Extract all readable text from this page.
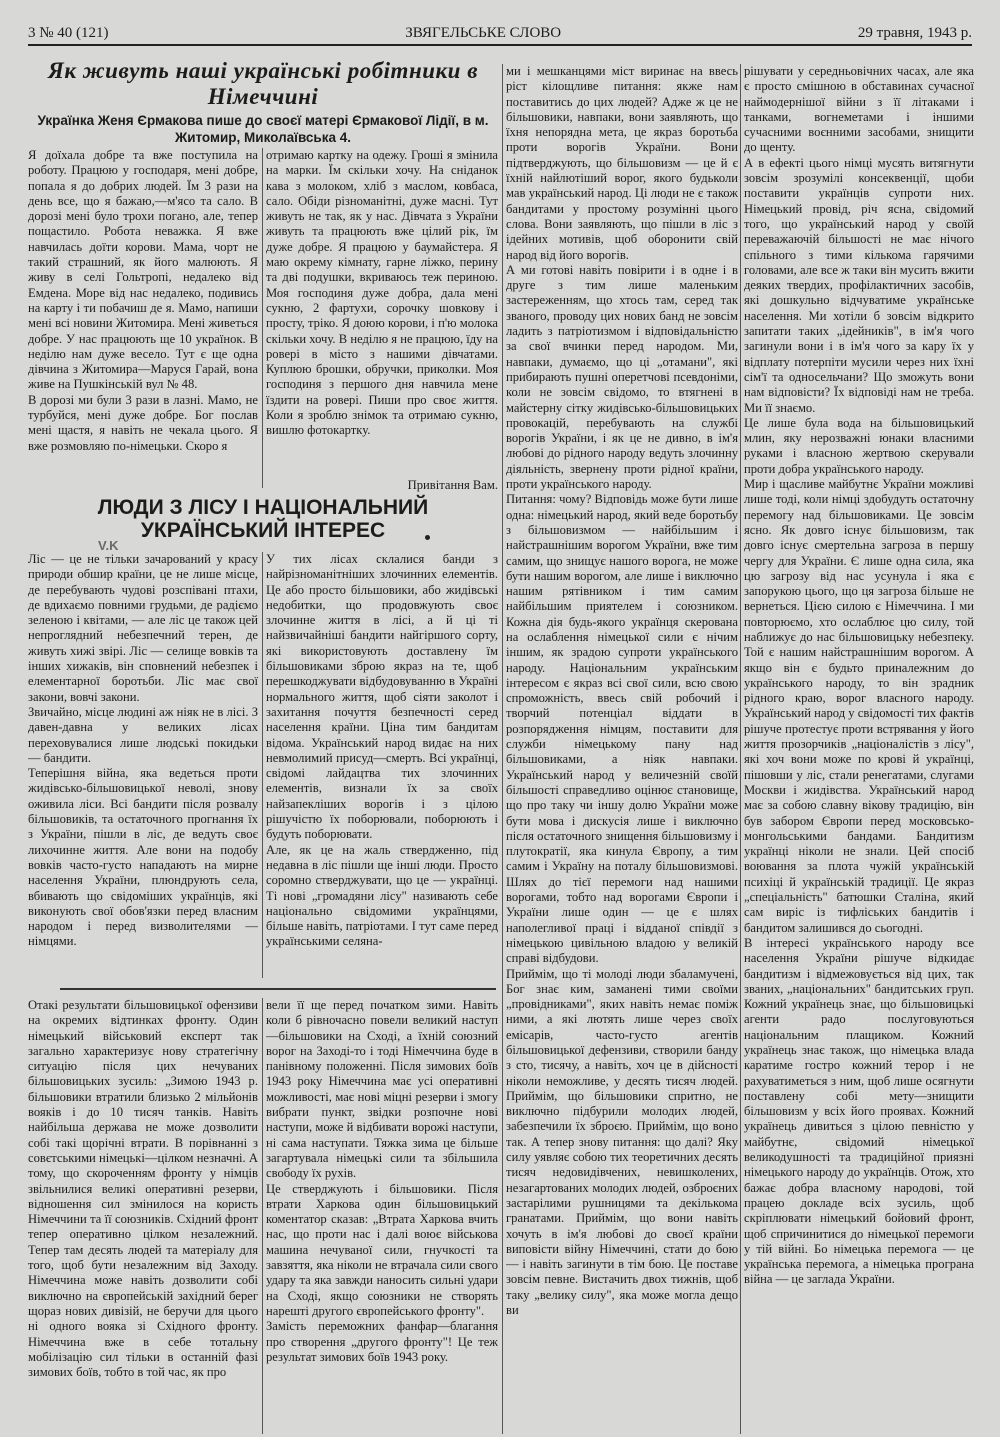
3 № 40 (121)	ЗВЯГЕЛЬСЬКЕ СЛОВО	29 травня, 1943 р.
Як живуть наші українські робітники в Німеччині
Українка Женя Єрмакова пише до своєї матері Єрмакової Лідії, в м. Житомир, Миколаївська 4.
Я доїхала добре та вже поступила на роботу. Працюю у господаря, мені добре, попала я до добрих людей. Їм 3 рази на день все, що я бажаю,—м'ясо та сало. В дорозі мені було трохи погано, але, тепер пощастило. Робота неважка. Я вже навчилась доїти корови. Мама, чорт не такий страшний, як його малюють. Я живу в селі Гольтропі, недалеко від Емдена. Море від нас недалеко, подивись на карту і ти побачиш де я. Мамо, напиши мені всі новини Житомира. Мені живеться добре. У нас працюють ще 10 українок. В неділю нам дуже весело. Тут є ще одна дівчина з Житомира—Маруся Гарай, вона живе на Пушкінській вул № 48.
В дорозі ми були 3 рази в лазні. Мамо, не турбуйся, мені дуже добре. Бог послав мені щастя, я навіть не чекала цього. Я вже розмовляю по-німецьки. Скоро я
отримаю картку на одежу. Гроші я змінила на марки. Їм скільки хочу. На сніданок кава з молоком, хліб з маслом, ковбаса, сало. Обіди різноманітні, дуже масні. Тут живуть не так, як у нас. Дівчата з України живуть та працюють вже цілий рік, їм дуже добре. Я працюю у баумайстера. Я маю окрему кімнату, гарне ліжко, перину та дві подушки, вкриваюсь теж периною. Моя господиня дуже добра, дала мені сукню, 2 фартухи, сорочку шовкову і просту, тріко. Я доюю корови, і п'ю молока скільки хочу. В неділю я не працюю, їду на ровері в місто з нашими дівчатами. Куплюю брошки, обручки, приколки. Моя господиня з першого дня навчила мене їздити на ровері. Пиши про своє життя. Коли я зроблю знімок та отримаю сукню, вишлю фотокартку.
Привітання Вам.
ЛЮДИ З ЛІСУ І НАЦІОНАЛЬНИЙ УКРАЇНСЬКИЙ ІНТЕРЕС
V.K
Ліс — це не тільки зачарований у красу природи обшир країни, це не лише місце, де перебувають чудові розспівані птахи, де вдихаємо повними грудьми, де радіємо зеленою і квітами, — але ліс це також цей непроглядний небезпечний терен, де живуть хижі звірі. Ліс — селище вовків та інших хижаків, він сповнений небезпек і елементарної боротьби. Ліс має свої закони, вовчі закони.
Звичайно, місце людині аж ніяк не в лісі. З давен-давна у великих лісах переховувалися лише людські покидьки — бандити.
Теперішня війна, яка ведеться проти жидівсько-більшовицької неволі, знову оживила ліси. Всі бандити після розвалу більшовиків, та остаточного прогнання їх з України, пішли в ліс, де ведуть своє лихочинне життя. Але вони на подобу вовків часто-густо нападають на мирне населення України, плюндрують села, вбивають що свідоміших українців, які виконують свої обов'язки перед власним народом і перед визволителями — німцями.
У тих лісах склалися банди з найрізноманітніших злочинних елементів. Це або просто більшовики, або жидівські недобитки, що продовжують своє злочинне життя в лісі, а й ці ті найзвичайніші бандити найгіршого сорту, які використовують доставлену їм більшовиками зброю якраз на те, щоб перешкоджувати відбудовуванню в Україні нормального життя, щоб сіяти заколот і захитання почуття безпечності серед населення країни. Ціна тим бандитам відома. Український народ видає на них невмолимий присуд—смерть. Всі українці, свідомі лайдацтва тих злочинних елементів, визнали їх за своїх найзапекліших ворогів і з цілою рішучістю їх поборювали, поборюють і будуть поборювати.
Але, як це на жаль ствердженно, під недавна в ліс пішли ще інші люди. Просто соромно стверджувати, що це — українці. Ті нові „громадяни лісу" називають себе національно свідомими українцями, більше навіть, патріотами. І тут саме перед українськими селяна-
ми і мешканцями міст виринає на ввесь ріст кілощливе питання: якже нам поставитись до цих людей? Адже ж це не більшовики, навпаки, вони заявляють, що їхня непорядна мета, це якраз боротьба проти ворогів України. Вони підтверджують, що більшовизм — це й є їхній найлютіший ворог, якого будьколи мав український народ. Ці люди не є також бандитами у простому розумінні цього слова. Вони заявляють, що пішли в ліс з ідейних мотивів, щоб оборонити свій народ від його ворогів.
А ми готові навіть повірити і в одне і в друге з тим лише маленьким застереженням, що хтось там, серед так званого, проводу цих нових банд не зовсім ладить з патріотизмом і відповідальністю за свої вчинки перед народом. Ми, навпаки, думаємо, що ці „отамани", які прибирають пушні оперетчові псевдоніми, коли не зовсім свідомо, то втягнені в майстерну сітку жидівсько-більшовицьких провокацій, перебувають на службі ворогів України, і як це не дивно, в ім'я любові до рідного народу ведуть злочинну діяльність, звернену проти рідної країни, проти українського народу.
Питання: чому? Відповідь може бути лише одна: німецький народ, який веде боротьбу з більшовизмом — найбільшим і найстрашнішим ворогом України, вже тим самим, що знищує нашого ворога, не може бути нашим ворогом, але лише і виключно нашим рятівником і тим самим найбільшим приятелем і союзником. Кожна дія будь-якого українця скерована на ослаблення німецької сили є нічим іншим, як зрадою супроти українського народу. Національним українським інтересом є якраз всі свої сили, всю свою спроможність, ввесь свій робочий і творчий потенціал віддати в розпорядження німцям, поставити для служби німецькому пану над більшовиками, а ніяк навпаки. Український народ у величезній своїй більшості справедливо оцінює становище, що про таку чи іншу долю України може бути мова і дискусія лише і виключно після остаточного знищення більшовизму і плутократії, яка кинула Європу, а тим самим і Україну на поталу більшовизмові. Шлях до тієї перемоги над нашими ворогами, тобто над ворогами Європи і України лише один — це є шлях наполегливої праці і відданої співдії з німецькою цивільною владою у великій справі відбудови.
Приймім, що ті молоді люди збаламучені, Бог знає ким, заманені тими своїми „провідниками", яких навіть немає поміж ними, а які лютять лише через своїх емісарів, часто-густо агентів більшовицької дефензиви, створили банду з сто, тисячу, а навіть, хоч це в дійсності ніколи неможливе, у десять тисяч людей. Приймім, що більшовики спритно, не виключно підбурили молодих людей, забезпечили їх зброєю. Приймім, що воно так. А тепер знову питання: що далі? Яку силу уявляє собою тих теоретичних десять тисяч недовидівчених, невишколених, незагартованих молодих людей, озброєних застарілими рушницями та декількома гранатами. Приймім, що вони навіть хочуть в ім'я любові до своєї країни виповісти війну Німеччині, стати до бою — і навіть загинути в тім бою. Це поставе зовсім певне. Вистачить двох тижнів, щоб таку „велику силу", яка може могла дещо ви
рішувати у середньовічних часах, але яка є просто смішною в обставинах сучасної наймодернішої війни з її літаками і танками, вогнеметами і іншими сучасними воєнними засобами, знищити до щенту.
А в ефекті цього німці мусять витягнути зовсім зрозумілі консеквенції, щоби поставити українців супроти них. Німецький провід, річ ясна, свідомий того, що український народ у своїй переважаючій більшості не має нічого спільного з тими кількома гарячими головами, але все ж таки він мусить вжити деяких твердих, профілактичних засобів, які дошкульно відчуватиме українське населення. Ми хотіли б зовсім відкрито запитати таких „ідейників", в ім'я чого загинули вони і в ім'я чого за кару їх у відплату потерпіти мусили через них їхні сім'ї та односельчани? Що зможуть вони нам відповісти? Їх відповіді нам не треба. Ми її знаємо.
Це лише була вода на більшовицький млин, яку нерозважні юнаки власними руками і власною жертвою скерували проти добра українського народу.
Мир і щасливе майбутнє України можливі лише тоді, коли німці здобудуть остаточну перемогу над більшовиками. Це зовсім ясно. Як довго існує більшовизм, так довго існує смертельна загроза в першу чергу для України. Є лише одна сила, яка цю загрозу від нас усунула і яка є запорукою цього, що ця загроза більше не вернеться. Цією силою є Німеччина. І ми повторюємо, хто ослаблює цю силу, той наближує до нас більшовицьку небезпеку. Той є нашим найстрашнішим ворогом. А якщо він є будьто приналежним до українського народу, то він зрадник рідного краю, ворог власного народу. Український народ у свідомості тих фактів рішуче протестує проти встрявання у його життя прозорчиків „націоналістів з лісу", які хоч вони може по крові й українці, пішовши у ліс, стали ренегатами, слугами Москви і жидівства. Український народ має за собою славну вікову традицію, він був забором Європи перед московсько-монгольськими бандами. Бандитизм українці ніколи не знали. Цей спосіб воювання за плота чужій українській психіці й українській традиції. Це якраз „спеціальність" батюшки Сталіна, який сам виріс із тифліських бандитів і бандитом залишився до сьогодні.
В інтересі українського народу все населення України рішуче відкидає бандитизм і відмежовується від цих, так званих, „національних" бандитських груп. Кожний українець знає, що більшовицькі агенти радо послуговуються національним плащиком. Кожний українець знає також, що німецька влада каратиме гостро кожний терор і не рахуватиметься з ним, щоб лише осягнути поставлену собі мету—знищити більшовизм у всіх його проявах. Кожний українець дивиться з цілою певністю у майбутнє, свідомий німецької великодушності та традиційної приязні німецького народу до українців. Отож, хто бажає добра власному народові, той працею докладе всіх зусиль, щоб скріплювати німецький бойовий фронт, щоб спричинитися до німецької перемоги у тій війні. Бо німецька перемога — це українська перемога, а німецька програна війна — це заглада України.
Отакі результати більшовицької офензиви на окремих відтинках фронту. Один німецький військовий експерт так загально характеризує нову стратегічну ситуацію після цих нечуваних більшовицьких зусиль: „Зимою 1943 р. більшовики втратили близько 2 мільйонів вояків і до 10 тисяч танків. Навіть найбільша держава не може дозволити собі такі щорічні втрати. В порівнанні з совєтськими німецькі—цілком незначні. А тому, що скороченням фронту у німців звільнилися великі оперативні резерви, відношення сил змінилося на користь Німеччини та її союзників. Східний фронт тепер оперативно цілком незалежний. Тепер там десять людей та матеріалу для того, щоб бути незалежним від Заходу. Німеччина може навіть дозволити собі виключно на європейській західний берег щораз нових дивізій, не беручи для цього ні одного вояка зі Східного фронту. Німеччина вже в себе тотальну мобілізацію сил тільки в останній фазі зимових боїв, тобто в той час, як про
вели її ще перед початком зими. Навіть коли б рівночасно повели великий наступ—більшовики на Сході, а їхній союзний ворог на Заході-то і тоді Німеччина буде в панівному положенні. Після зимових боїв 1943 року Німеччина має усі оперативні можливості, має нові міцні резерви і змогу вибрати пункт, звідки розпочне нові наступи, може й відбивати ворожі наступи, ні сама наступати. Тяжка зима це більше загартувала німецькі сили та збільшила свободу їх рухів.
Це стверджують і більшовики. Після втрати Харкова один більшовицький коментатор сказав: „Втрата Харкова вчить нас, що проти нас і далі воює військова машина нечуваної сили, гнучкості та завзяття, яка ніколи не втрачала сили свого удару та яка завжди наносить сильні удари на Сході, якщо союзники не створять нарешті другого європейського фронту".
Замість переможних фанфар—благання про створення „другого фронту"! Це теж результат зимових боїв 1943 року.
